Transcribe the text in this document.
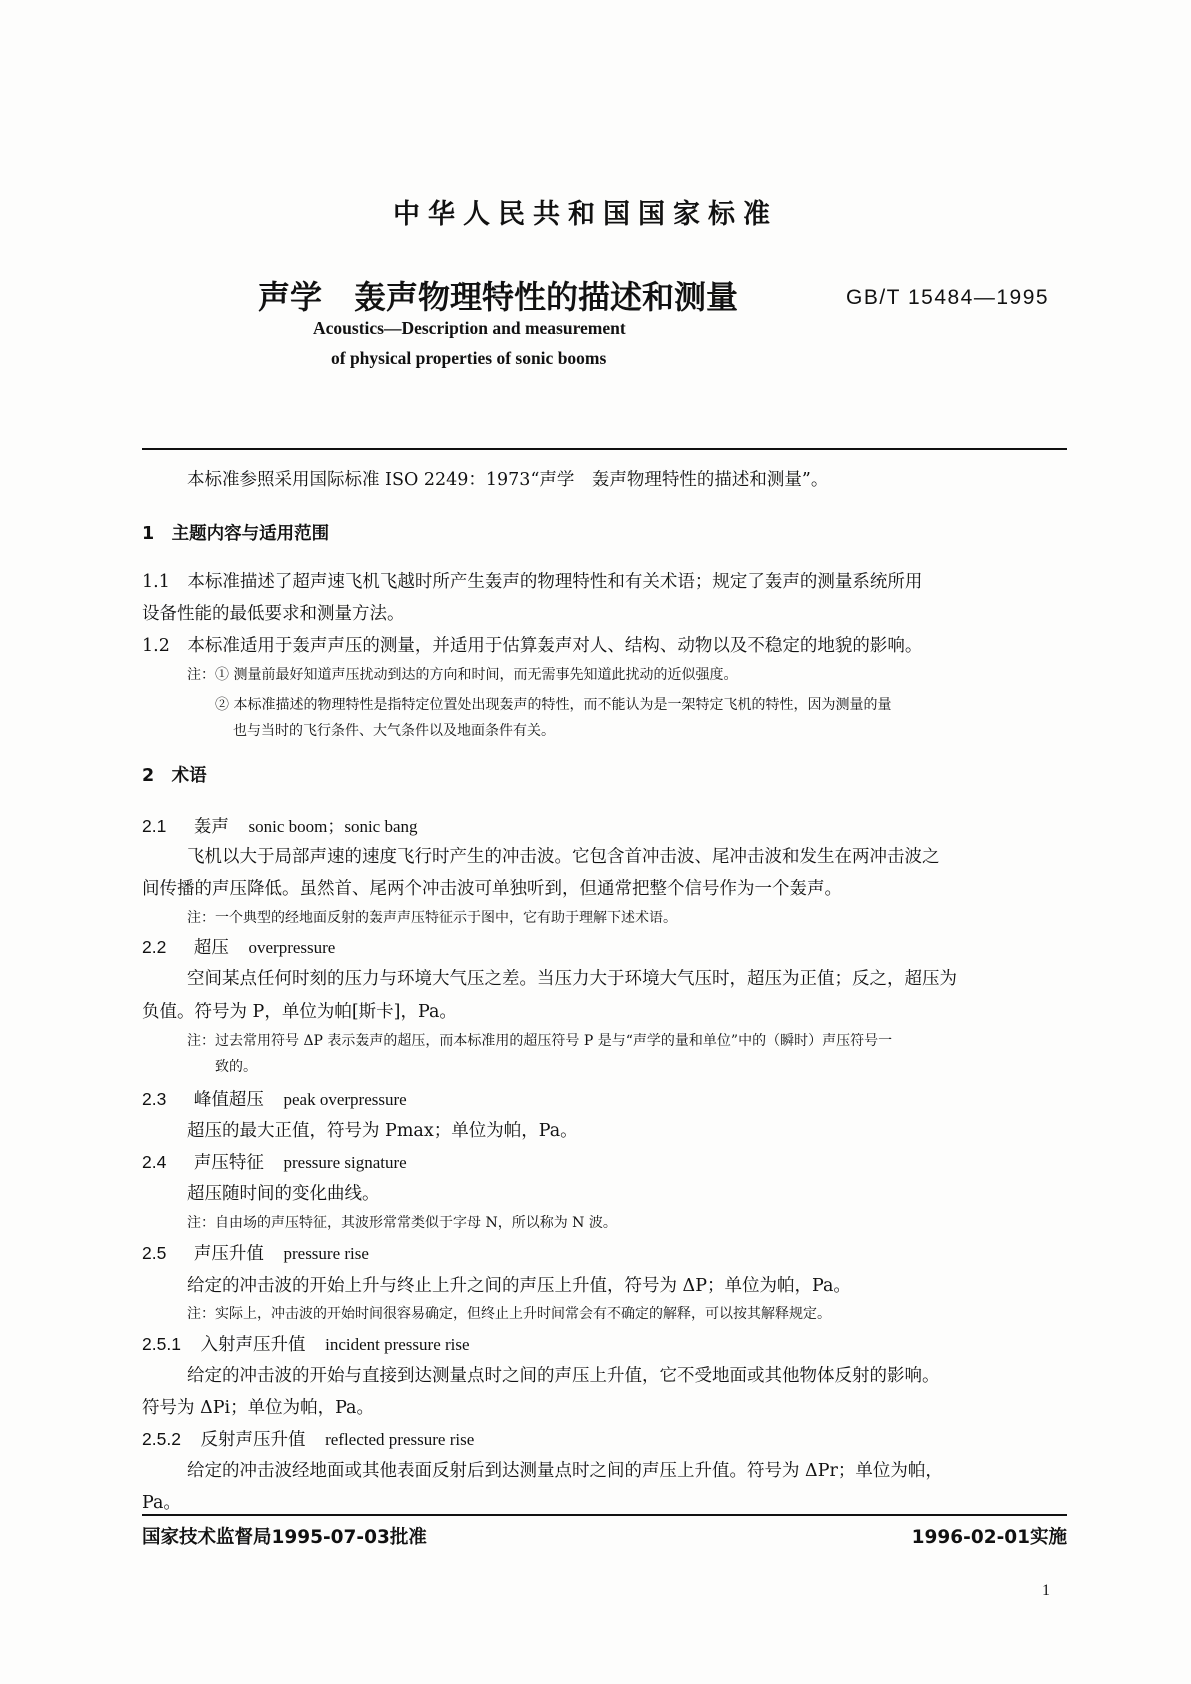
中华人民共和国国家标准
声学　轰声物理特性的描述和测量	GB/T 15484—1995
Acoustics—Description and measurement
of physical properties of sonic booms
本标准参照采用国际标准 ISO 2249：1973“声学　轰声物理特性的描述和测量”。
1　主题内容与适用范围
1.1　本标准描述了超声速飞机飞越时所产生轰声的物理特性和有关术语；规定了轰声的测量系统所用
设备性能的最低要求和测量方法。
1.2　本标准适用于轰声声压的测量，并适用于估算轰声对人、结构、动物以及不稳定的地貌的影响。
注：① 测量前最好知道声压扰动到达的方向和时间，而无需事先知道此扰动的近似强度。
② 本标准描述的物理特性是指特定位置处出现轰声的特性，而不能认为是一架特定飞机的特性，因为测量的量
也与当时的飞行条件、大气条件以及地面条件有关。
2　术语
2.1 轰声 sonic boom；sonic bang
飞机以大于局部声速的速度飞行时产生的冲击波。它包含首冲击波、尾冲击波和发生在两冲击波之
间传播的声压降低。虽然首、尾两个冲击波可单独听到，但通常把整个信号作为一个轰声。
注：一个典型的经地面反射的轰声声压特征示于图中，它有助于理解下述术语。
2.2 超压 overpressure
空间某点任何时刻的压力与环境大气压之差。当压力大于环境大气压时，超压为正值；反之，超压为
负值。符号为 P，单位为帕[斯卡]，Pa。
注：过去常用符号 ΔP 表示轰声的超压，而本标准用的超压符号 P 是与“声学的量和单位”中的（瞬时）声压符号一
致的。
2.3 峰值超压 peak overpressure
超压的最大正值，符号为 Pmax；单位为帕，Pa。
2.4 声压特征 pressure signature
超压随时间的变化曲线。
注：自由场的声压特征，其波形常常类似于字母 N，所以称为 N 波。
2.5 声压升值 pressure rise
给定的冲击波的开始上升与终止上升之间的声压上升值，符号为 ΔP；单位为帕，Pa。
注：实际上，冲击波的开始时间很容易确定，但终止上升时间常会有不确定的解释，可以按其解释规定。
2.5.1 入射声压升值 incident pressure rise
给定的冲击波的开始与直接到达测量点时之间的声压上升值，它不受地面或其他物体反射的影响。
符号为 ΔPi；单位为帕，Pa。
2.5.2 反射声压升值 reflected pressure rise
给定的冲击波经地面或其他表面反射后到达测量点时之间的声压上升值。符号为 ΔPr；单位为帕，
Pa。
国家技术监督局1995-07-03批准	1996-02-01实施
1
